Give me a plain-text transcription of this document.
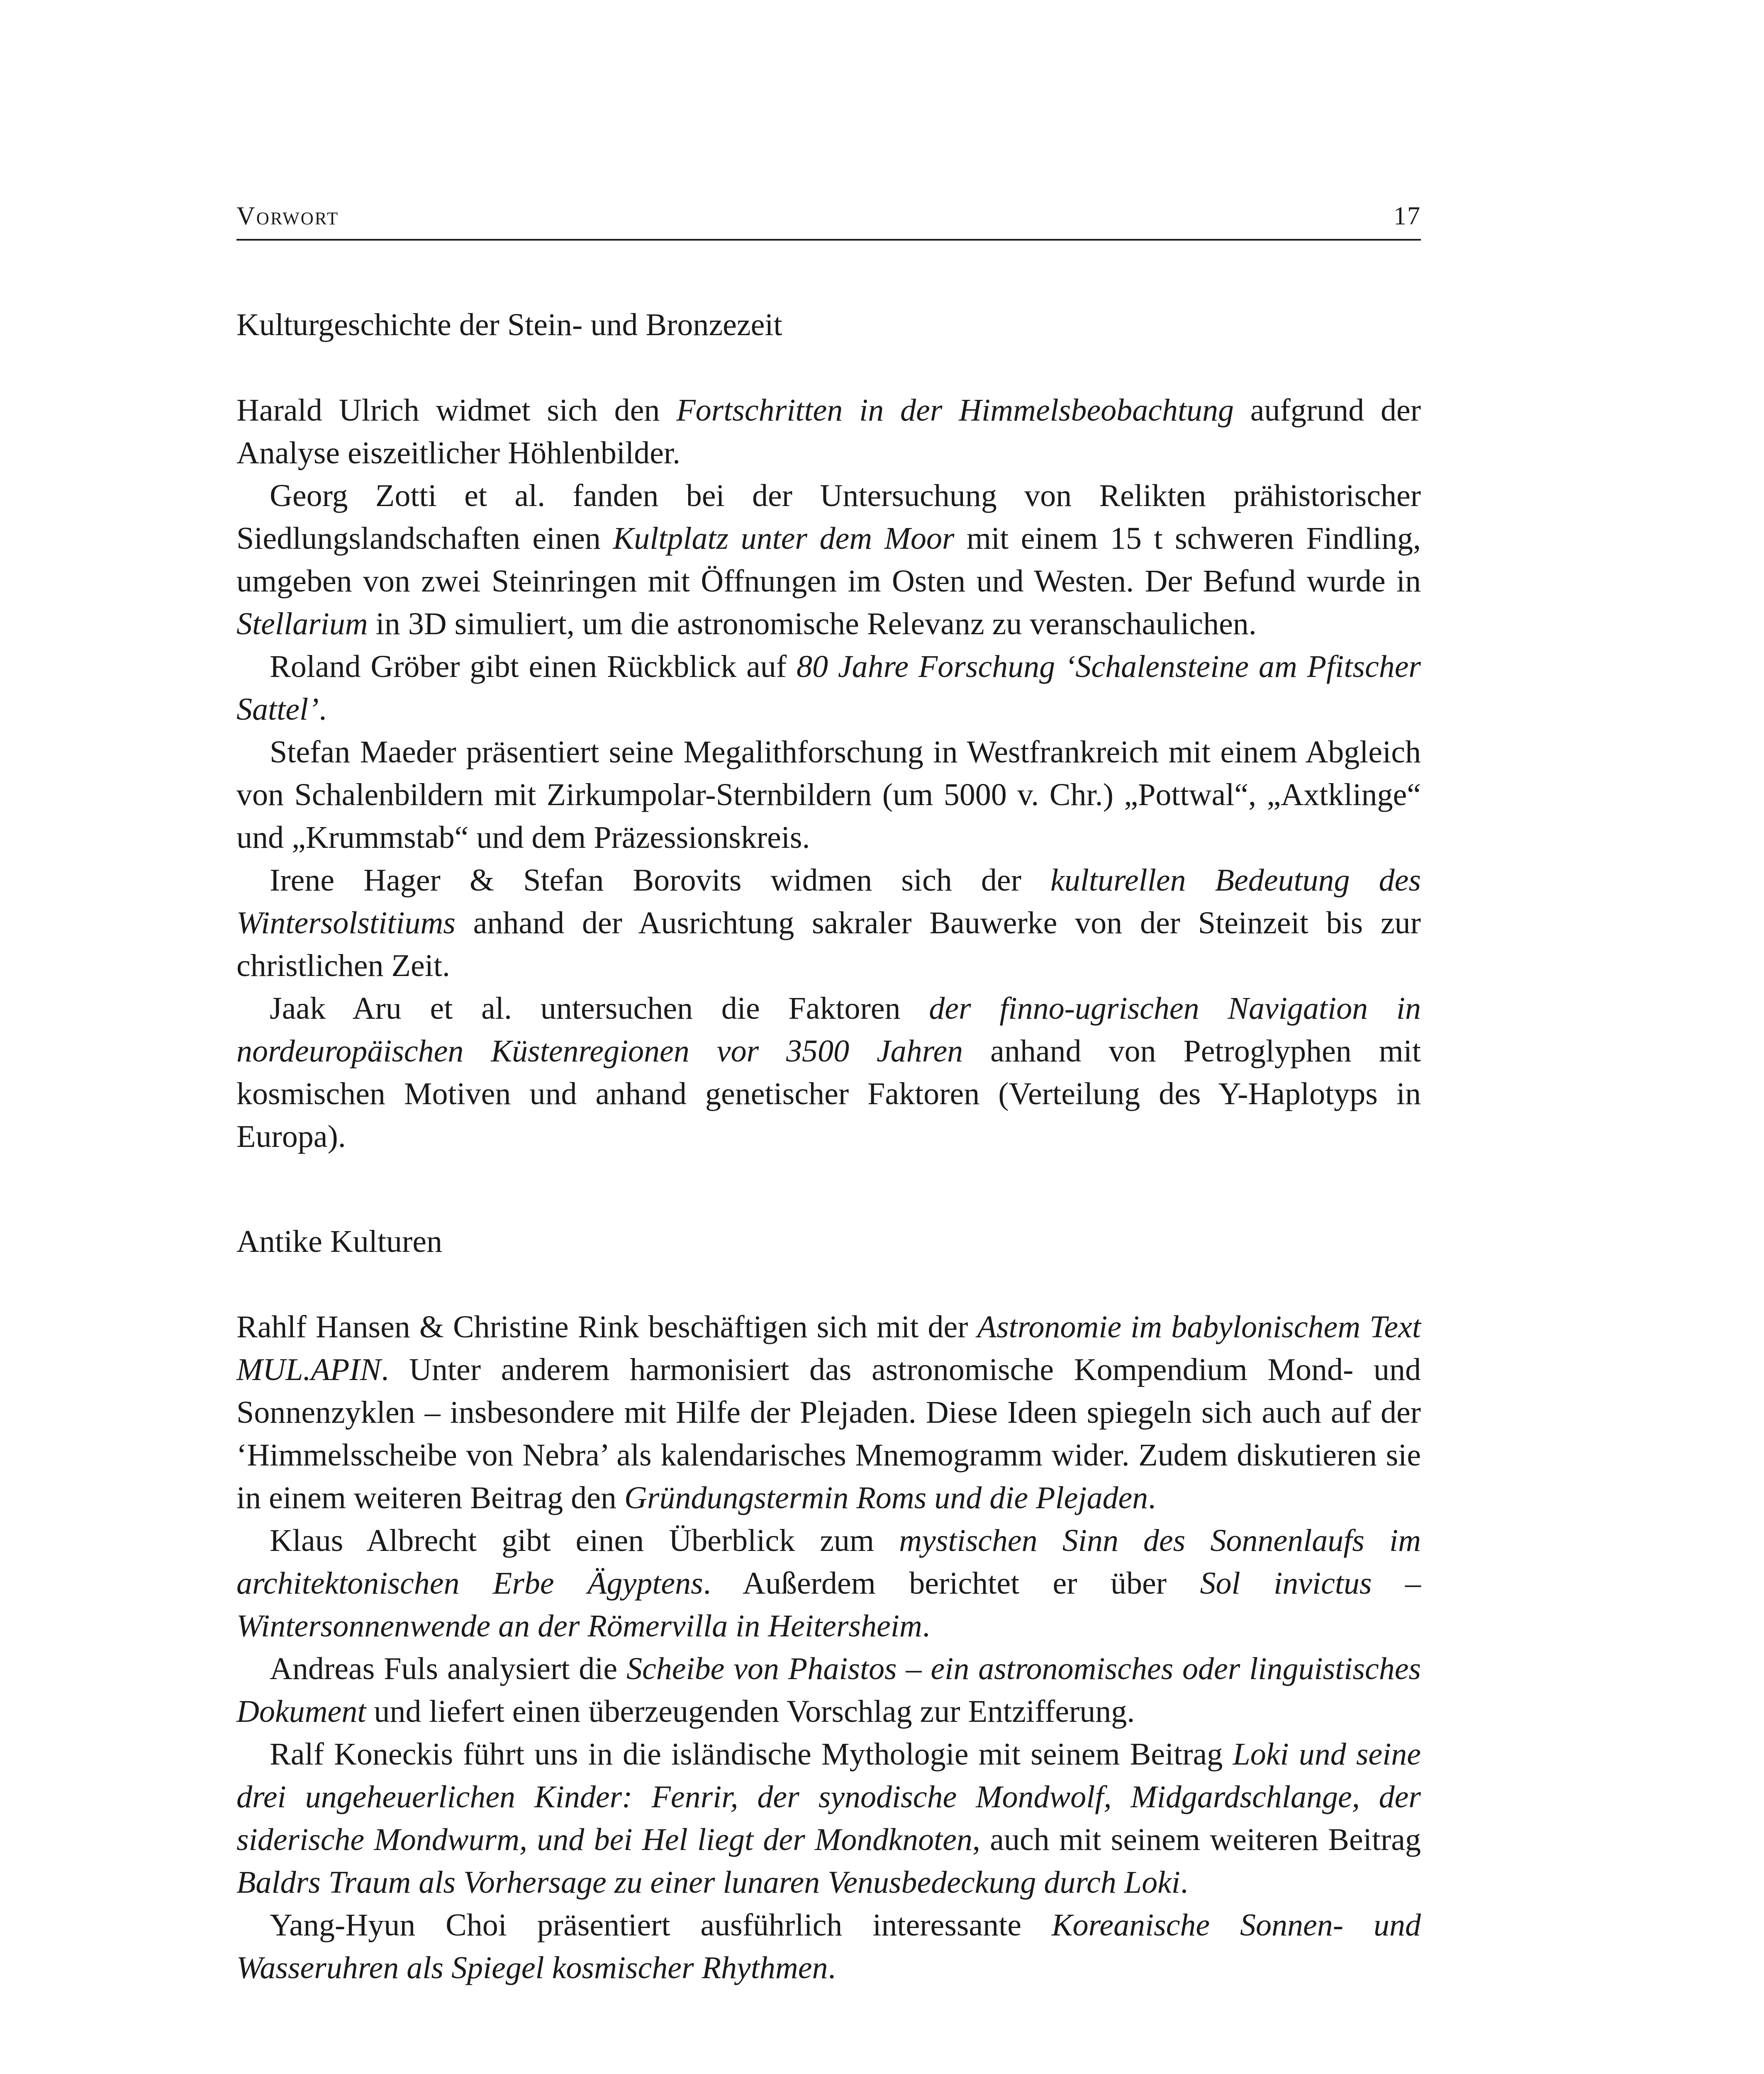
Vorwort	17
Kulturgeschichte der Stein- und Bronzezeit

Harald Ulrich widmet sich den Fortschritten in der Himmelsbeobachtung aufgrund der Analyse eiszeitlicher Höhlenbilder.

Georg Zotti et al. fanden bei der Untersuchung von Relikten prähistorischer Siedlungslandschaften einen Kultplatz unter dem Moor mit einem 15 t schweren Findling, umgeben von zwei Steinringen mit Öffnungen im Osten und Westen. Der Befund wurde in Stellarium in 3D simuliert, um die astronomische Relevanz zu veranschaulichen.

Roland Gröber gibt einen Rückblick auf 80 Jahre Forschung ‘Schalensteine am Pfitscher Sattel’.

Stefan Maeder präsentiert seine Megalithforschung in Westfrankreich mit einem Abgleich von Schalenbildern mit Zirkumpolar-Sternbildern (um 5000 v. Chr.) „Pottwal“, „Axtklinge“ und „Krummstab“ und dem Präzessionskreis.

Irene Hager & Stefan Borovits widmen sich der kulturellen Bedeutung des Wintersolstitiums anhand der Ausrichtung sakraler Bauwerke von der Steinzeit bis zur christlichen Zeit.

Jaak Aru et al. untersuchen die Faktoren der finno-ugrischen Navigation in nordeuropäischen Küstenregionen vor 3500 Jahren anhand von Petroglyphen mit kosmischen Motiven und anhand genetischer Faktoren (Verteilung des Y-Haplotyps in Europa).

Antike Kulturen

Rahlf Hansen & Christine Rink beschäftigen sich mit der Astronomie im babylonischem Text MUL.APIN. Unter anderem harmonisiert das astronomische Kompendium Mond- und Sonnenzyklen – insbesondere mit Hilfe der Plejaden. Diese Ideen spiegeln sich auch auf der ‘Himmelsscheibe von Nebra’ als kalendarisches Mnemogramm wider. Zudem diskutieren sie in einem weiteren Beitrag den Gründungstermin Roms und die Plejaden.

Klaus Albrecht gibt einen Überblick zum mystischen Sinn des Sonnenlaufs im architektonischen Erbe Ägyptens. Außerdem berichtet er über Sol invictus – Wintersonnenwende an der Römervilla in Heitersheim.

Andreas Fuls analysiert die Scheibe von Phaistos – ein astronomisches oder linguistisches Dokument und liefert einen überzeugenden Vorschlag zur Entzifferung.

Ralf Koneckis führt uns in die isländische Mythologie mit seinem Beitrag Loki und seine drei ungeheuerlichen Kinder: Fenrir, der synodische Mondwolf, Midgardschlange, der siderische Mondwurm, und bei Hel liegt der Mondknoten, auch mit seinem weiteren Beitrag Baldrs Traum als Vorhersage zu einer lunaren Venusbedeckung durch Loki.

Yang-Hyun Choi präsentiert ausführlich interessante Koreanische Sonnen- und Wasseruhren als Spiegel kosmischer Rhythmen.
